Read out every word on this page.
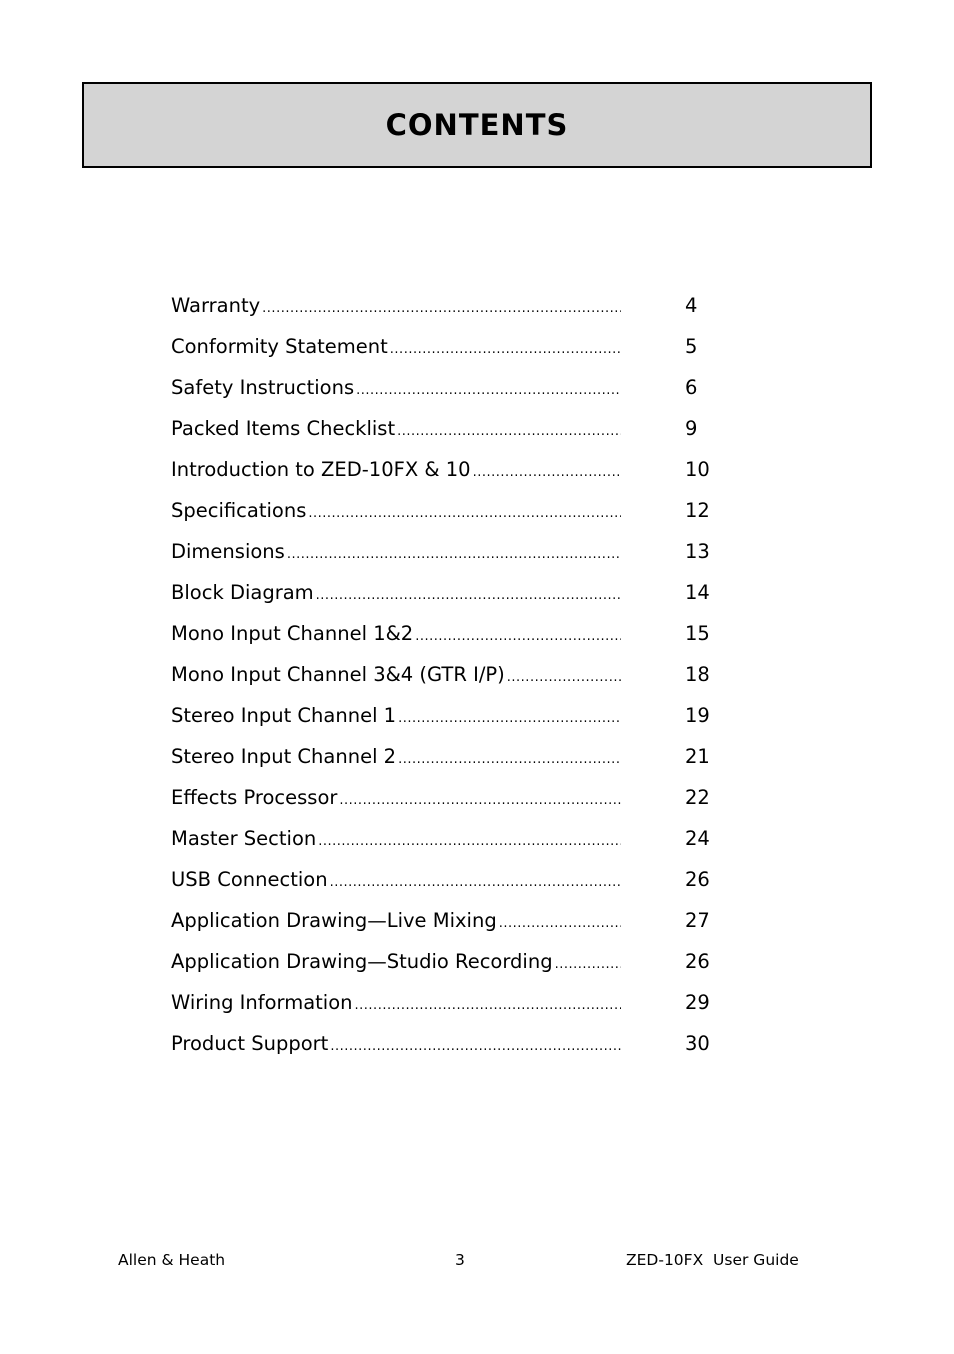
CONTENTS
Warranty .....	4
Conformity Statement .....	5
Safety Instructions .....	6
Packed Items Checklist .....	9
Introduction to ZED-10FX & 10 .....	10
Specifications .....	12
Dimensions .....	13
Block Diagram .....	14
Mono Input Channel 1&2 .....	15
Mono Input Channel 3&4 (GTR I/P) .....	18
Stereo Input Channel 1 .....	19
Stereo Input Channel 2 .....	21
Effects Processor .....	22
Master Section .....	24
USB Connection .....	26
Application Drawing—Live Mixing .....	27
Application Drawing—Studio Recording .....	26
Wiring Information .....	29
Product Support .....	30
Allen & Heath	3	ZED-10FX  User Guide
